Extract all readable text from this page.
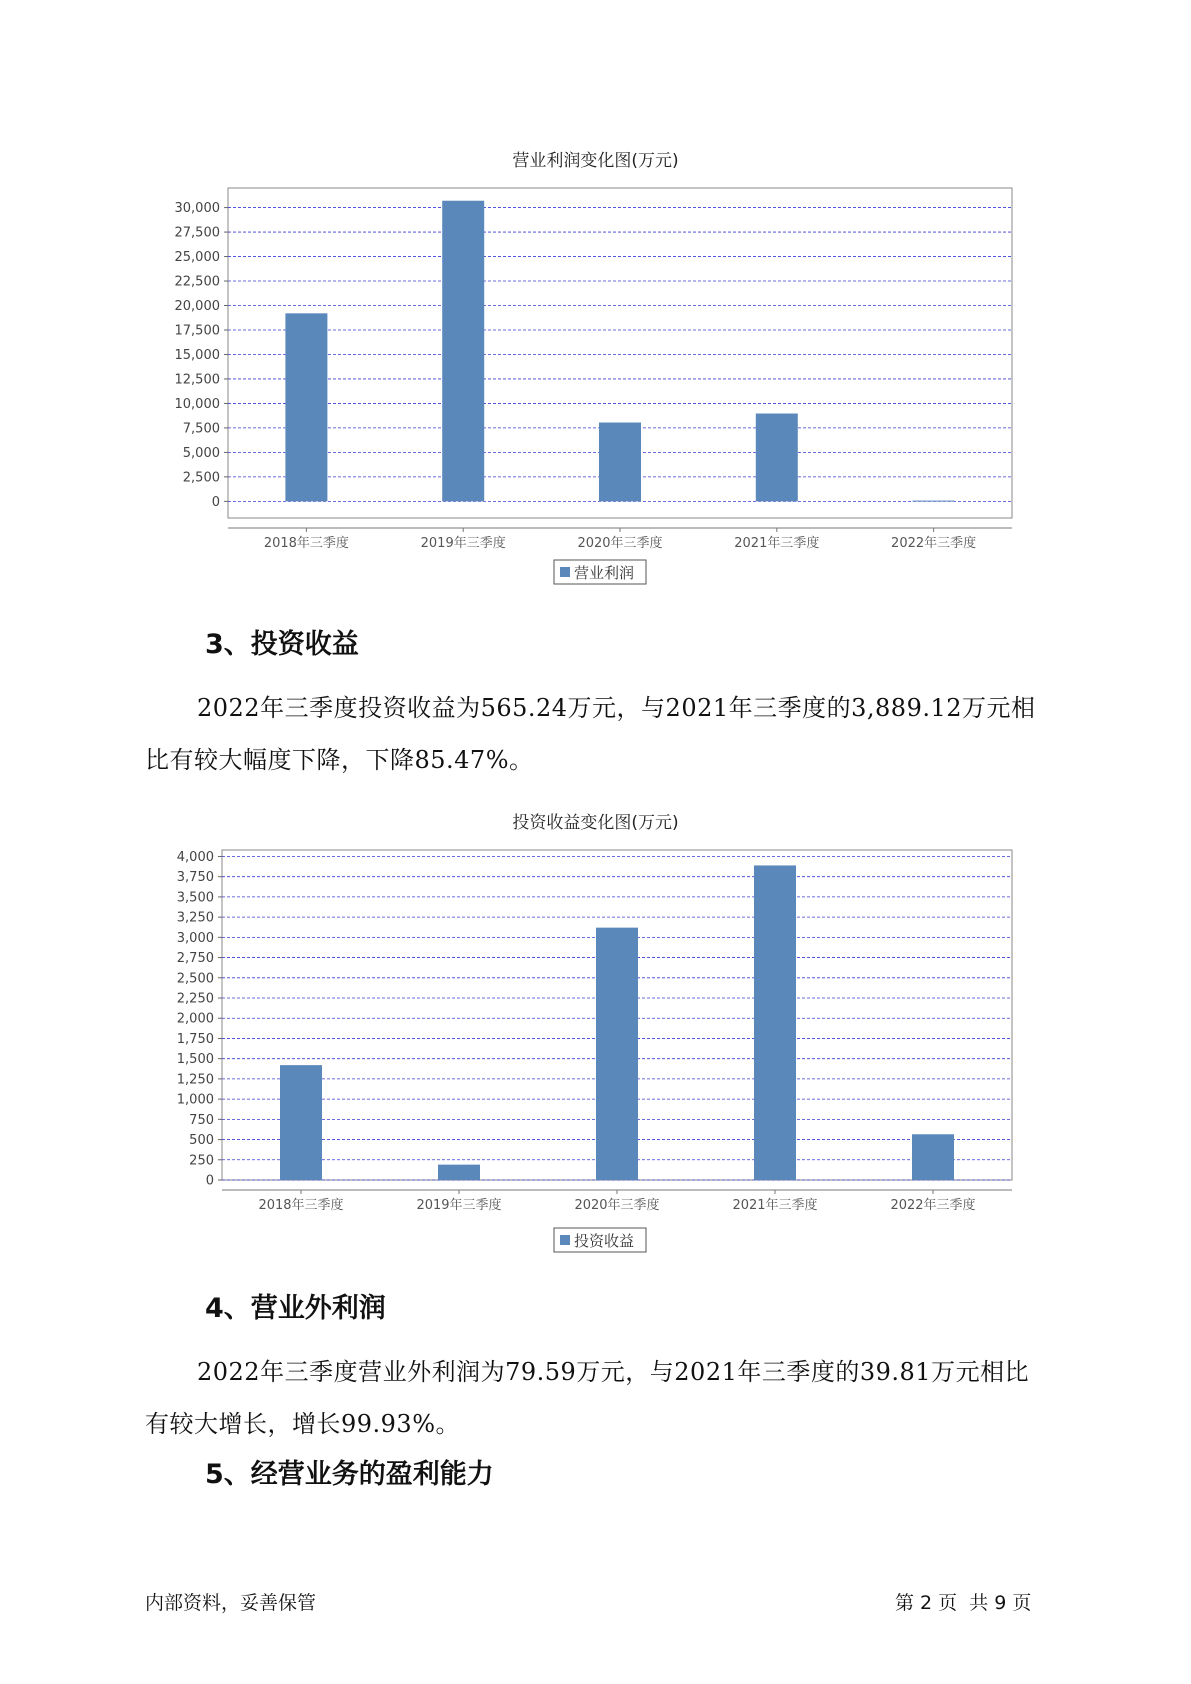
营业利润变化图(万元)
0
2,500
5,000
7,500
10,000
12,500
15,000
17,500
20,000
22,500
25,000
27,500
30,000
2018年三季度	2019年三季度	2020年三季度	2021年三季度	2022年三季度
营业利润
3、投资收益
2022年三季度投资收益为565.24万元，与2021年三季度的3,889.12万元相比有较大幅度下降，下降85.47%。
投资收益变化图(万元)
0
250
500
750
1,000
1,250
1,500
1,750
2,000
2,250
2,500
2,750
3,000
3,250
3,500
3,750
4,000
2018年三季度	2019年三季度	2020年三季度	2021年三季度	2022年三季度
投资收益
4、营业外利润
2022年三季度营业外利润为79.59万元，与2021年三季度的39.81万元相比有较大增长，增长99.93%。
5、经营业务的盈利能力
内部资料，妥善保管	第 2 页  共 9 页
